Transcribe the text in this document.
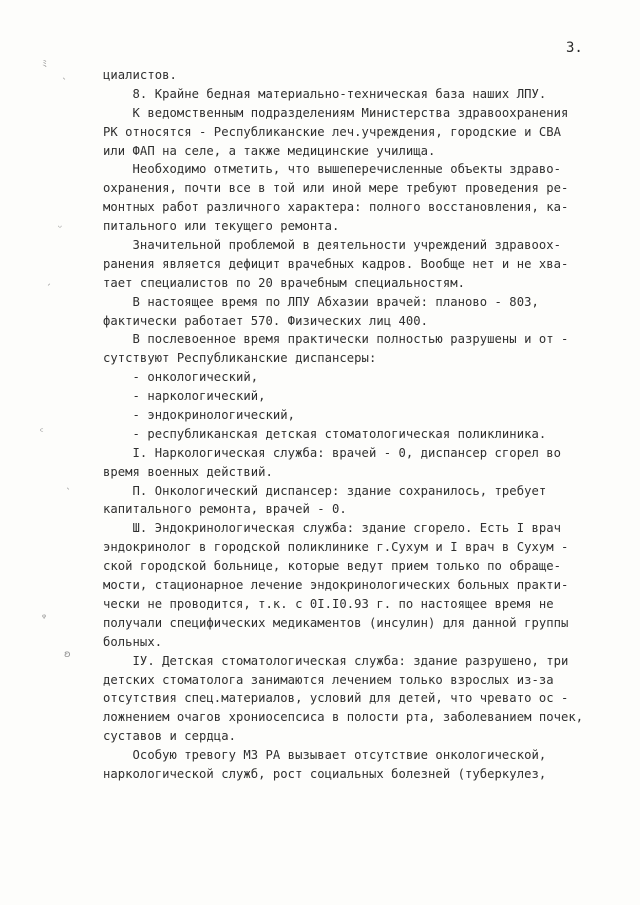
3.
ﾐ
ˎ
ᵕ
ˏ
ᶜ
ˎ
ᵠ
ʚ
циалистов.
8. Крайне бедная материально-техническая база наших ЛПУ.
К ведомственным подразделениям Министерства здравоохранения
РК относятся - Республиканские леч.учреждения, городские и СВА
или ФАП на селе, а также медицинские училища.
Необходимо отметить, что вышеперечисленные объекты здраво-
охранения, почти все в той или иной мере требуют проведения ре-
монтных работ различного характера: полного восстановления, ка-
питального или текущего ремонта.
Значительной проблемой в деятельности учреждений здравоох-
ранения является дефицит врачебных кадров. Вообще нет и не хва-
тает специалистов по 20 врачебным специальностям.
В настоящее время по ЛПУ Абхазии врачей: планово - 803,
фактически работает 570. Физических лиц 400.
В послевоенное время практически полностью разрушены и от -
сутствуют Республиканские диспансеры:
- онкологический,
- наркологический,
- эндокринологический,
- республиканская детская стоматологическая поликлиника.
I. Наркологическая служба: врачей - 0, диспансер сгорел во
время военных действий.
П. Онкологический диспансер: здание сохранилось, требует
капитального ремонта, врачей - 0.
Ш. Эндокринологическая служба: здание сгорело. Есть I врач
эндокринолог в городской поликлинике г.Сухум и I врач в Сухум -
ской городской больнице, которые ведут прием только по обраще-
мости, стационарное лечение эндокринологических больных практи-
чески не проводится, т.к. с 0I.I0.93 г. по настоящее время не
получали специфических медикаментов (инсулин) для данной группы
больных.
IУ. Детская стоматологическая служба: здание разрушено, три
детских стоматолога занимаются лечением только взрослых из-за
отсутствия спец.материалов, условий для детей, что чревато ос -
ложнением очагов хрониосепсиса в полости рта, заболеванием почек,
суставов и сердца.
Особую тревогу МЗ РА вызывает отсутствие онкологической,
наркологической служб, рост социальных болезней (туберкулез,
